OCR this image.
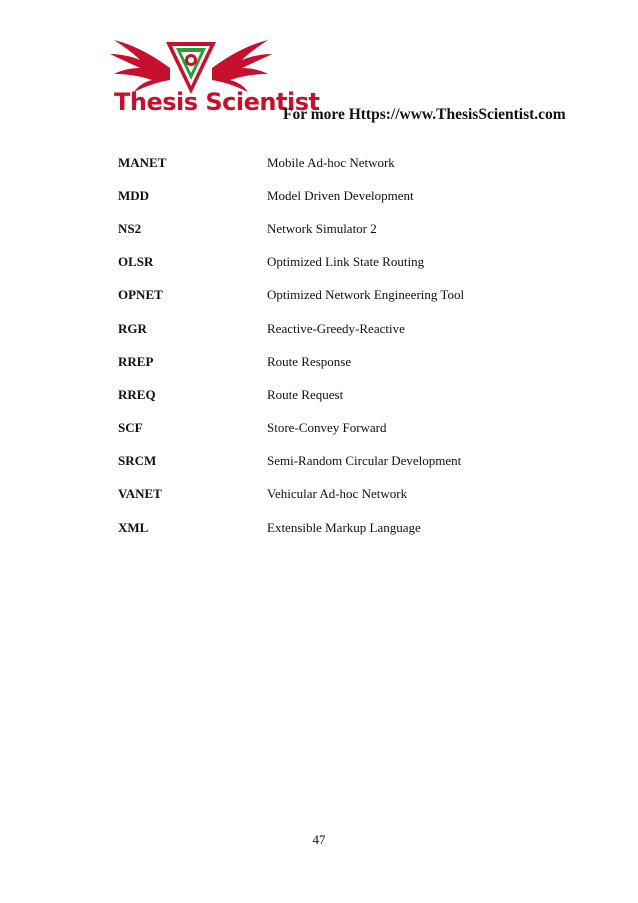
Thesis Scientist
For more Https://www.ThesisScientist.com
MANET	Mobile Ad-hoc Network
MDD	Model Driven Development
NS2	Network Simulator 2
OLSR	Optimized Link State Routing
OPNET	Optimized Network Engineering Tool
RGR	Reactive-Greedy-Reactive
RREP	Route Response
RREQ	Route Request
SCF	Store-Convey Forward
SRCM	Semi-Random Circular Development
VANET	Vehicular Ad-hoc Network
XML	Extensible Markup Language
47
